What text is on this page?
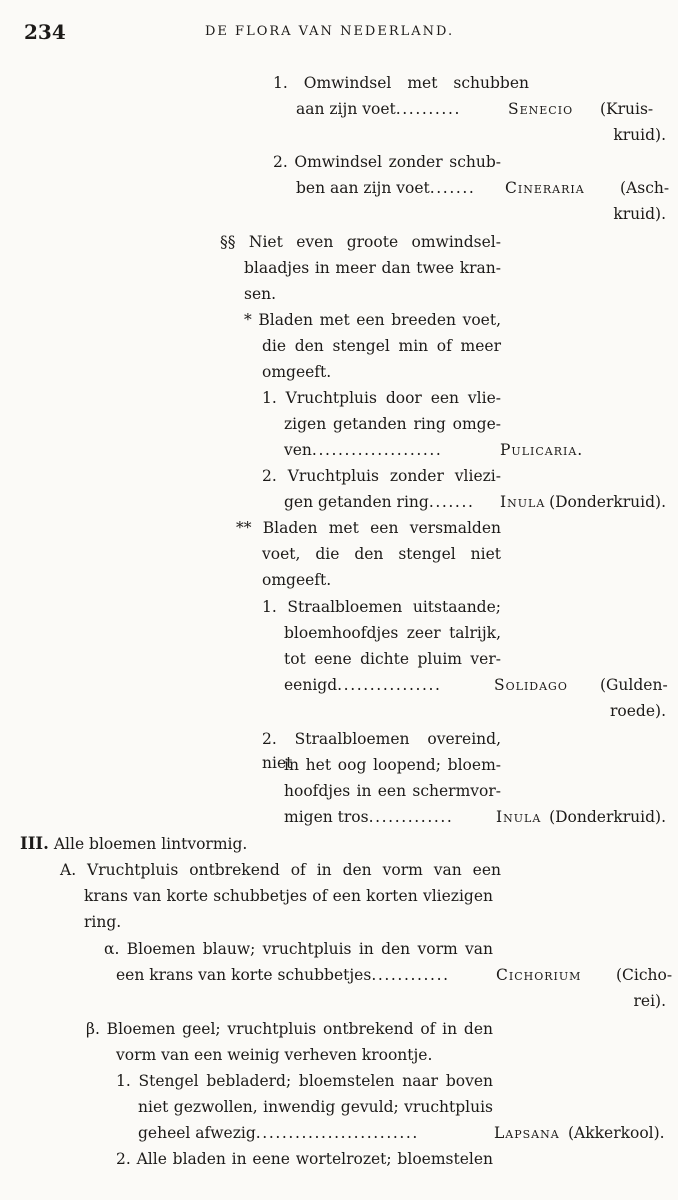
234	DE FLORA VAN NEDERLAND.
1. Omwindsel met schubben
aan zijn voet..........	Senecio (Kruis-
kruid).
2. Omwindsel zonder schub-
ben aan zijn voet....... Cineraria (Asch-
kruid).
§§ Niet even groote omwindsel-
blaadjes in meer dan twee kran-
sen.
* Bladen met een breeden voet,
die den stengel min of meer
omgeeft.
1. Vruchtpluis door een vlie-
zigen getanden ring omge-
ven....................	Pulicaria.
2. Vruchtpluis zonder vliezi-
gen getanden ring....... Inula (Donderkruid).
** Bladen met een versmalden
voet, die den stengel niet
omgeeft.
1. Straalbloemen uitstaande;
bloemhoofdjes zeer talrijk,
tot eene dichte pluim ver-
eenigd................	Solidago (Gulden-
roede).
2. Straalbloemen overeind, niet
in het oog loopend; bloem-
hoofdjes in een schermvor-
migen tros.............	Inula (Donderkruid).
III. Alle bloemen lintvormig.
A. Vruchtpluis ontbrekend of in den vorm van een
krans van korte schubbetjes of een korten vliezigen
ring.
α. Bloemen blauw; vruchtpluis in den vorm van
een krans van korte schubbetjes............	Cichorium (Cicho-
rei).
β. Bloemen geel; vruchtpluis ontbrekend of in den
vorm van een weinig verheven kroontje.
1. Stengel bebladerd; bloemstelen naar boven
niet gezwollen, inwendig gevuld; vruchtpluis
geheel afwezig.........................	Lapsana (Akkerkool).
2. Alle bladen in eene wortelrozet; bloemstelen
